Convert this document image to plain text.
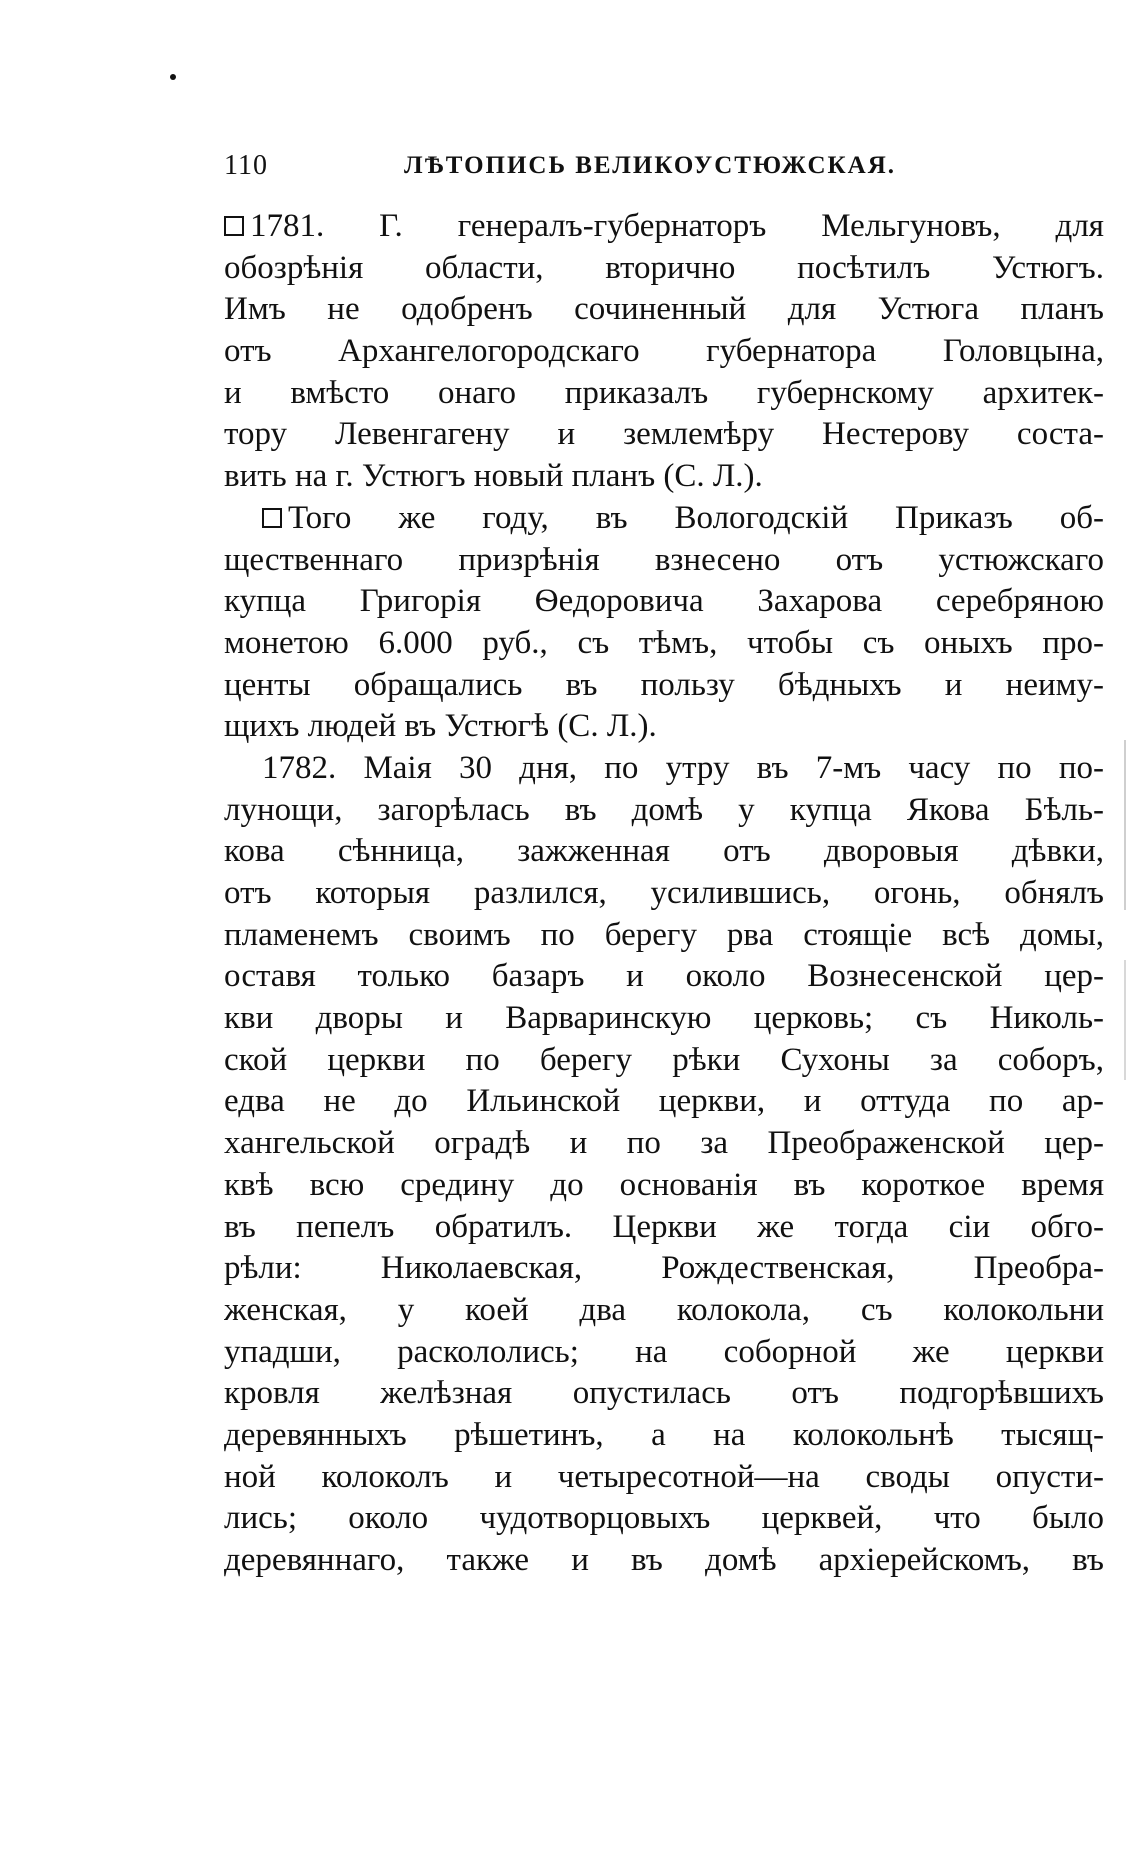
110	ЛѢТОПИСЬ ВЕЛИКОУСТЮЖСКАЯ.
1781. Г. генералъ-губернаторъ Мельгуновъ, для
обозрѣнія области, вторично посѣтилъ Устюгъ.
Имъ не одобренъ сочиненный для Устюга планъ
отъ Архангелогородскаго губернатора Головцына,
и вмѣсто онаго приказалъ губернскому архитек-
тору Левенгагену и землемѣру Нестерову соста-
вить на г. Устюгъ новый планъ (С. Л.).
Того же году, въ Вологодскій Приказъ об-
щественнаго призрѣнія взнесено отъ устюжскаго
купца Григорія Ѳедоровича Захарова серебряною
монетою 6.000 руб., съ тѣмъ, чтобы съ оныхъ про-
центы обращались въ пользу бѣдныхъ и неиму-
щихъ людей въ Устюгѣ (С. Л.).
1782. Маія 30 дня, по утру въ 7-мъ часу по по-
лунощи, загорѣлась въ домѣ у купца Якова Бѣль-
кова сѣнница, зажженная отъ дворовыя дѣвки,
отъ которыя разлился, усилившись, огонь, обнялъ
пламенемъ своимъ по берегу рва стоящіе всѣ домы,
оставя только базаръ и около Вознесенской цер-
кви дворы и Варваринскую церковь; съ Николь-
ской церкви по берегу рѣки Сухоны за соборъ,
едва не до Ильинской церкви, и оттуда по ар-
хангельской оградѣ и по за Преображенской цер-
квѣ всю средину до основанія въ короткое время
въ пепелъ обратилъ. Церкви же тогда сіи обго-
рѣли: Николаевская, Рождественская, Преобра-
женская, у коей два колокола, съ колокольни
упадши, раскололись; на соборной же церкви
кровля желѣзная опустилась отъ подгорѣвшихъ
деревянныхъ рѣшетинъ, а на колокольнѣ тысящ-
ной колоколъ и четыресотной—на своды опусти-
лись; около чудотворцовыхъ церквей, что было
деревяннаго, также и въ домѣ архіерейскомъ, въ
